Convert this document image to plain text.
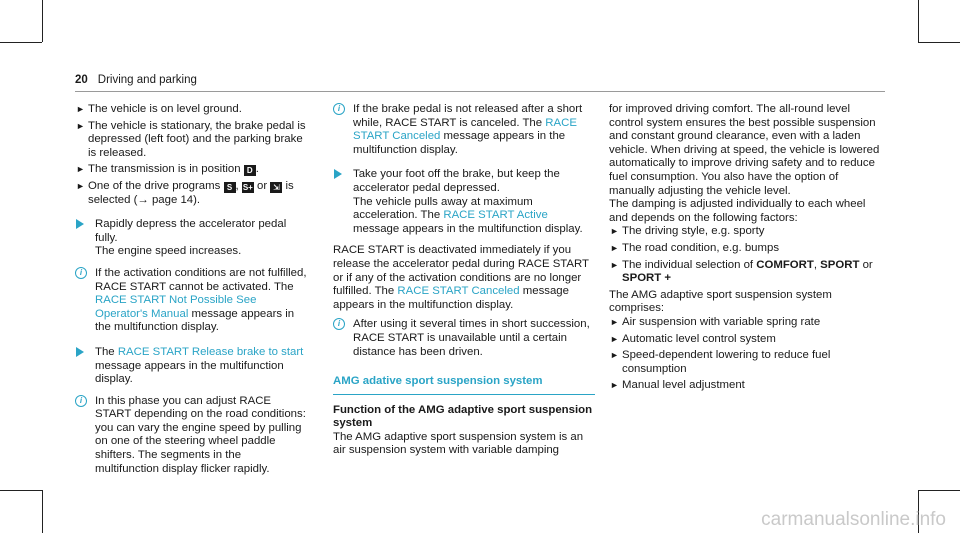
20 Driving and parking

► The vehicle is on level ground.

► The vehicle is stationary, the brake pedal is depressed (left foot) and the parking brake is released.

► The transmission is in position D .

► One of the drive programs S , S+ or ⇲ is selected (→ page 14).

Rapidly depress the accelerator pedal fully.

The engine speed increases.

i	If the activation conditions are not fulfilled, RACE START cannot be activated. The RACE START Not Possible See Operator's Manual message appears in the multifunction display.
The RACE START Release brake to start message appears in the multifunction display.
i	In this phase you can adjust RACE START depending on the road conditions: you can vary the engine speed by pulling on one of the steering wheel paddle shifters. The segments in the multifunction display flicker rapidly.
i	If the brake pedal is not released after a short while, RACE START is canceled. The RACE START Canceled message appears in the multifunction display.

Take your foot off the brake, but keep the accelerator pedal depressed.

The vehicle pulls away at maximum acceleration. The RACE START Active message appears in the multifunction display.

RACE START is deactivated immediately if you release the accelerator pedal during RACE START or if any of the activation conditions are no longer fulfilled. The RACE START Canceled message appears in the multifunction display.

i	After using it several times in short succession, RACE START is unavailable until a certain distance has been driven.
AMG adative sport suspension system
Function of the AMG adaptive sport suspension system

The AMG adaptive sport suspension system is an air suspension system with variable damping

for improved driving comfort. The all-round level control system ensures the best possible suspension and constant ground clearance, even with a laden vehicle. When driving at speed, the vehicle is lowered automatically to improve driving safety and to reduce fuel consumption. You also have the option of manually adjusting the vehicle level.

The damping is adjusted individually to each wheel and depends on the following factors:

► The driving style, e.g. sporty

► The road condition, e.g. bumps

► The individual selection of COMFORT, SPORT or SPORT +

The AMG adaptive sport suspension system comprises:

► Air suspension with variable spring rate

► Automatic level control system

► Speed-dependent lowering to reduce fuel consumption

► Manual level adjustment

carmanualsonline.info
